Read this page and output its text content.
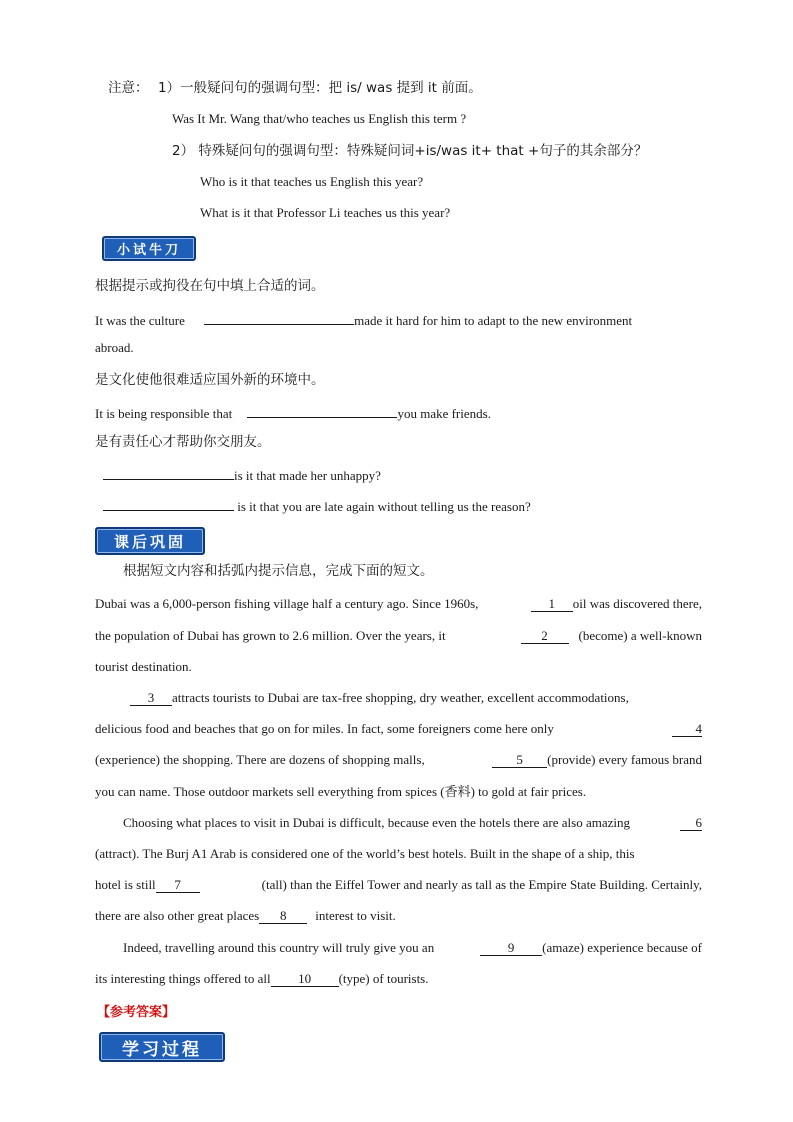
注意： 1）一般疑问句的强调句型：把 is/ was 提到 it 前面。
Was It Mr. Wang that/who teaches us English this term ?
2） 特殊疑问句的强调句型：特殊疑问词+is/was it+ that +句子的其余部分？
Who is it that teaches us English this year?
What is it that Professor Li teaches us this year?
小试牛刀
根据提示或拘役在句中填上合适的词。
It was the culture	made it hard for him to adapt to the new environment
abroad.
是文化使他很难适应国外新的环境中。
It is being responsible that	you make friends.
是有责任心才帮助你交朋友。
is it that made her unhappy?
is it that you are late again without telling us the reason?
课后巩固
根据短文内容和括弧内提示信息，完成下面的短文。
Dubai was a 6,000-person fishing village half a century ago. Since 1960s,	1 oil was discovered there,
the population of Dubai has grown to 2.6 million. Over the years, it	2 (become) a well-known
tourist destination.
3 attracts tourists to Dubai are tax-free shopping, dry weather, excellent accommodations,
delicious food and beaches that go on for miles. In fact, some foreigners come here only	4
(experience) the shopping. There are dozens of shopping malls,	5 (provide) every famous brand
you can name. Those outdoor markets sell everything from spices (香料) to gold at fair prices.
Choosing what places to visit in Dubai is difficult, because even the hotels there are also amazing	6
(attract). The Burj A1 Arab is considered one of the world’s best hotels. Built in the shape of a ship, this
hotel is still 7	(tall) than the Eiffel Tower and nearly as tall as the Empire State Building. Certainly,
there are also other great places 8 interest to visit.
Indeed, travelling around this country will truly give you an	9 (amaze) experience because of
its interesting things offered to all 10 (type) of tourists.
【参考答案】
学习过程
